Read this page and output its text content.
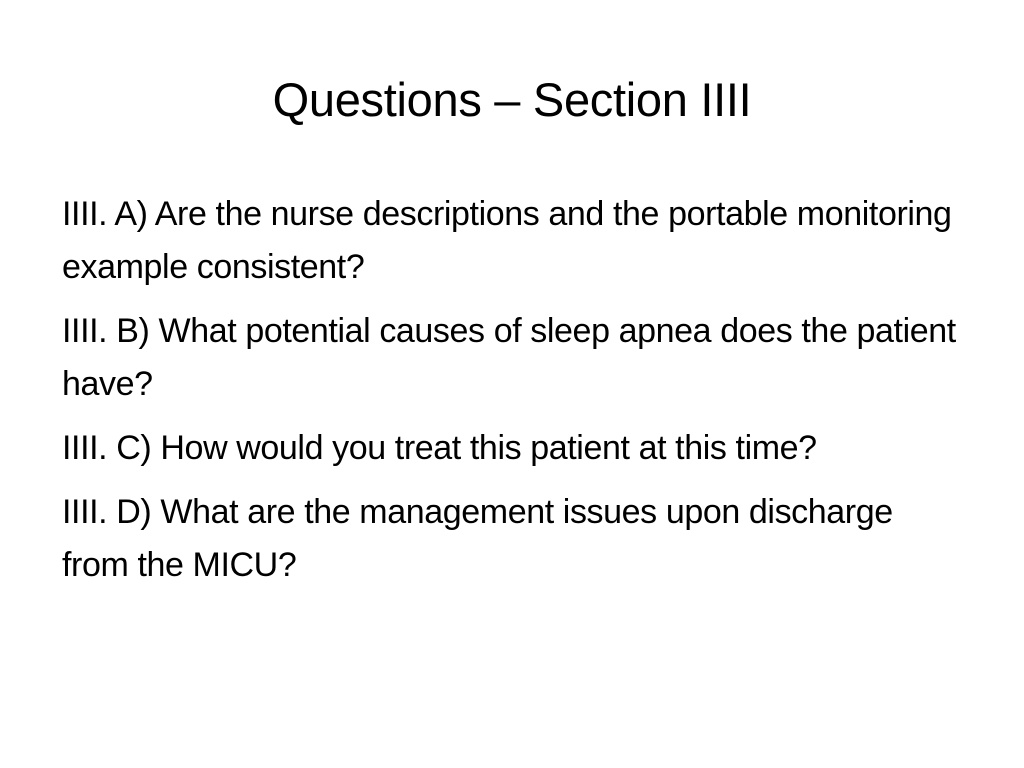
Questions – Section IIII
IIII. A) Are the nurse descriptions and the portable monitoring example consistent?
IIII. B) What potential causes of sleep apnea does the patient have?
IIII. C) How would you treat this patient at this time?
IIII. D) What are the management issues upon discharge from the MICU?
